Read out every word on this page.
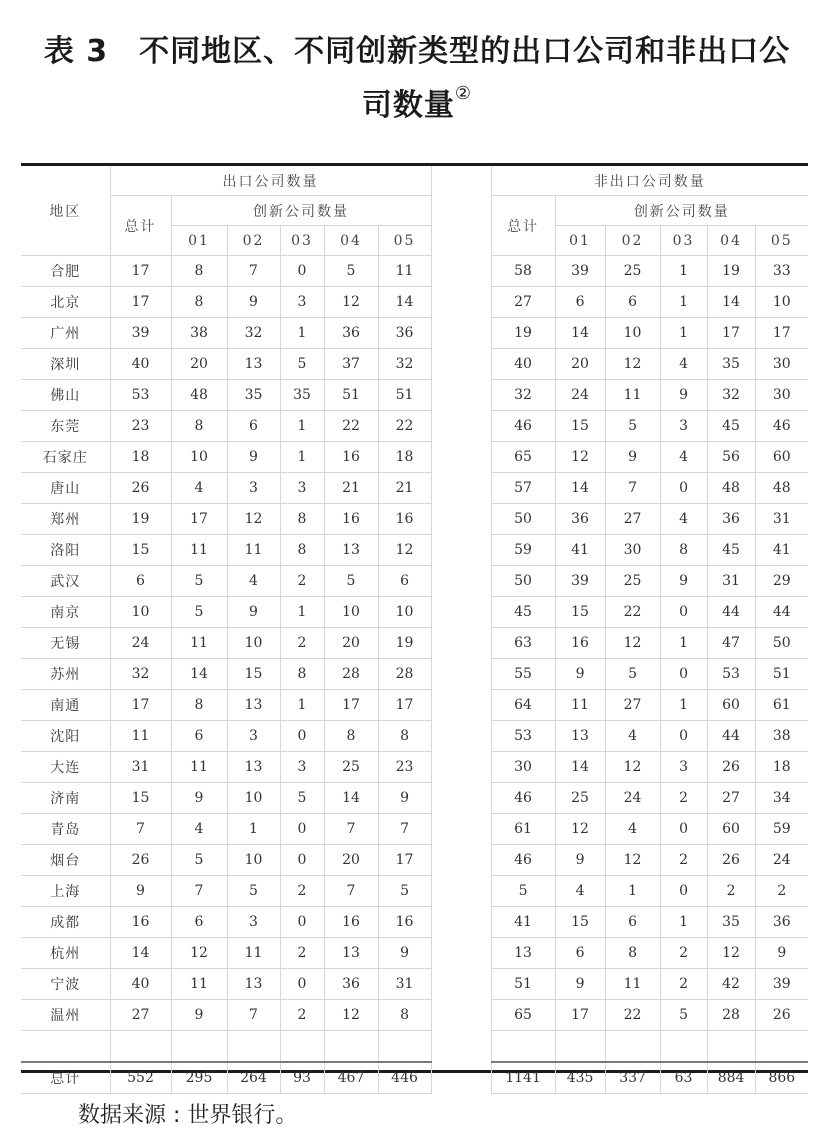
表 3　不同地区、不同创新类型的出口公司和非出口公
司数量②
地区	出口公司数量							非出口公司数量					
	总计	创新公司数量						总计	创新公司数量				
		01	02	03	04	05			01	02	03	04	05
合肥	17	8	7	0	5	11		58	39	25	1	19	33
北京	17	8	9	3	12	14		27	6	6	1	14	10
广州	39	38	32	1	36	36		19	14	10	1	17	17
深圳	40	20	13	5	37	32		40	20	12	4	35	30
佛山	53	48	35	35	51	51		32	24	11	9	32	30
东莞	23	8	6	1	22	22		46	15	5	3	45	46
石家庄	18	10	9	1	16	18		65	12	9	4	56	60
唐山	26	4	3	3	21	21		57	14	7	0	48	48
郑州	19	17	12	8	16	16		50	36	27	4	36	31
洛阳	15	11	11	8	13	12		59	41	30	8	45	41
武汉	6	5	4	2	5	6		50	39	25	9	31	29
南京	10	5	9	1	10	10		45	15	22	0	44	44
无锡	24	11	10	2	20	19		63	16	12	1	47	50
苏州	32	14	15	8	28	28		55	9	5	0	53	51
南通	17	8	13	1	17	17		64	11	27	1	60	61
沈阳	11	6	3	0	8	8		53	13	4	0	44	38
大连	31	11	13	3	25	23		30	14	12	3	26	18
济南	15	9	10	5	14	9		46	25	24	2	27	34
青岛	7	4	1	0	7	7		61	12	4	0	60	59
烟台	26	5	10	0	20	17		46	9	12	2	26	24
上海	9	7	5	2	7	5		5	4	1	0	2	2
成都	16	6	3	0	16	16		41	15	6	1	35	36
杭州	14	12	11	2	13	9		13	6	8	2	12	9
宁波	40	11	13	0	36	31		51	9	11	2	42	39
温州	27	9	7	2	12	8		65	17	22	5	28	26

总计	552	295	264	93	467	446		1141	435	337	63	884	866
数据来源 : 世界银行。
